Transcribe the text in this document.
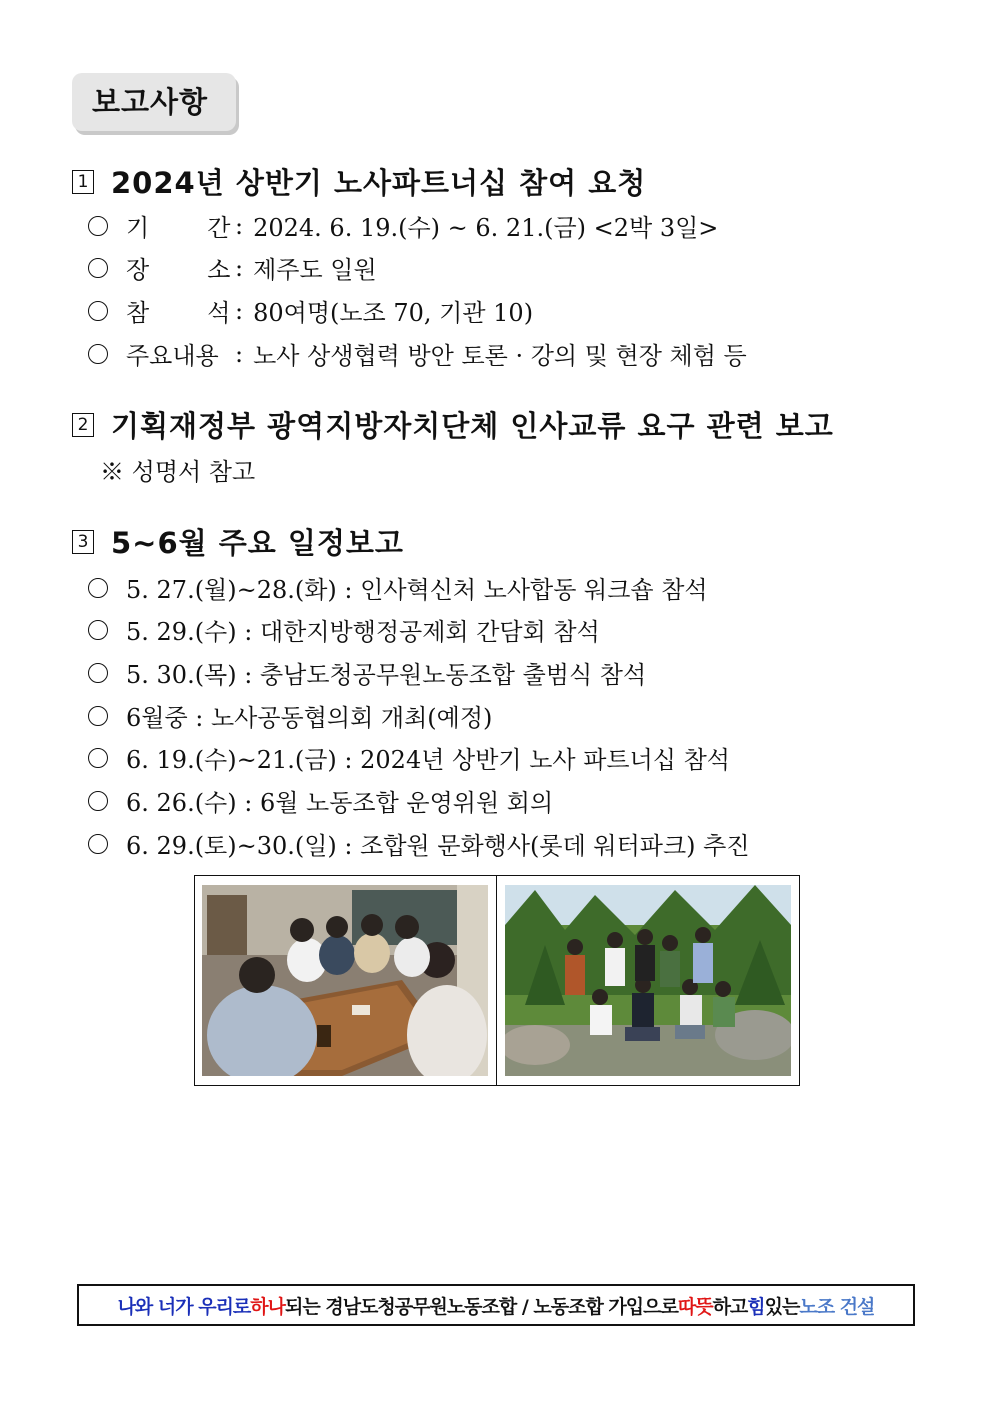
보고사항
1 2024년 상반기 노사파트너십 참여 요청
기 간 : 2024. 6. 19.(수) ~ 6. 21.(금) <2박 3일>
장 소 : 제주도 일원
참 석 : 80여명(노조 70, 기관 10)
주요내용 : 노사 상생협력 방안 토론 · 강의 및 현장 체험 등
2 기획재정부 광역지방자치단체 인사교류 요구 관련 보고
※ 성명서 참고
3 5~6월 주요 일정보고
5. 27.(월)~28.(화) : 인사혁신처 노사합동 워크숍 참석
5. 29.(수) : 대한지방행정공제회 간담회 참석
5. 30.(목) : 충남도청공무원노동조합 출범식 참석
6월중 : 노사공동협의회 개최(예정)
6. 19.(수)~21.(금) : 2024년 상반기 노사 파트너십 참석
6. 26.(수) : 6월 노동조합 운영위원 회의
6. 29.(토)~30.(일) : 조합원 문화행사(롯데 워터파크) 추진
나와 너가 우리로 하나 되는 경남도청공무원노동조합 / 노동조합 가입으로 따뜻 하고 힘 있는 노조 건설
